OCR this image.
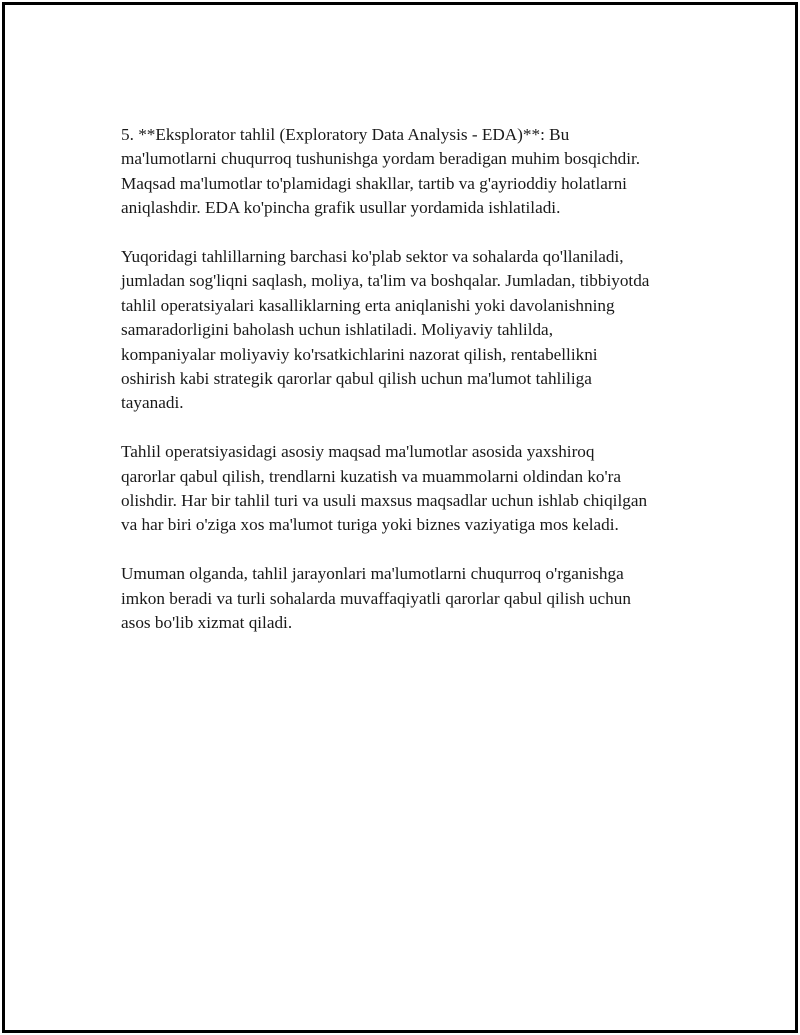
5. **Eksplorator tahlil (Exploratory Data Analysis - EDA)**: Bu
ma'lumotlarni chuqurroq tushunishga yordam beradigan muhim bosqichdir.
Maqsad ma'lumotlar to'plamidagi shakllar, tartib va g'ayrioddiy holatlarni
aniqlashdir. EDA ko'pincha grafik usullar yordamida ishlatiladi.

Yuqoridagi tahlillarning barchasi ko'plab sektor va sohalarda qo'llaniladi,
jumladan sog'liqni saqlash, moliya, ta'lim va boshqalar. Jumladan, tibbiyotda
tahlil operatsiyalari kasalliklarning erta aniqlanishi yoki davolanishning
samaradorligini baholash uchun ishlatiladi. Moliyaviy tahlilda,
kompaniyalar moliyaviy ko'rsatkichlarini nazorat qilish, rentabellikni
oshirish kabi strategik qarorlar qabul qilish uchun ma'lumot tahliliga
tayanadi.

Tahlil operatsiyasidagi asosiy maqsad ma'lumotlar asosida yaxshiroq
qarorlar qabul qilish, trendlarni kuzatish va muammolarni oldindan ko'ra
olishdir. Har bir tahlil turi va usuli maxsus maqsadlar uchun ishlab chiqilgan
va har biri o'ziga xos ma'lumot turiga yoki biznes vaziyatiga mos keladi.

Umuman olganda, tahlil jarayonlari ma'lumotlarni chuqurroq o'rganishga
imkon beradi va turli sohalarda muvaffaqiyatli qarorlar qabul qilish uchun
asos bo'lib xizmat qiladi.
